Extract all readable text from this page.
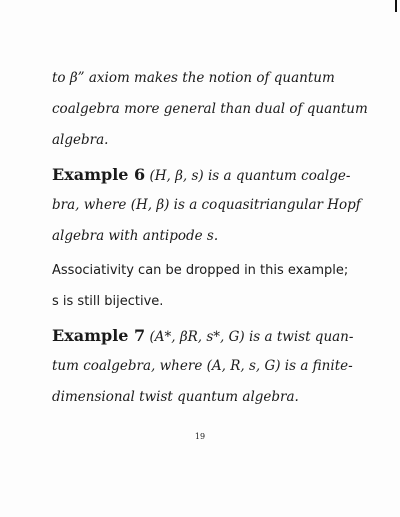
to β” axiom makes the notion of quantum
coalgebra more general than dual of quantum
algebra.
Example 6 (H, β, s) is a quantum coalge-
bra, where (H, β) is a coquasitriangular Hopf
algebra with antipode s.
Associativity can be dropped in this example;
s is still bijective.
Example 7 (A*, βR, s*, G) is a twist quan-
tum coalgebra, where (A, R, s, G) is a finite-
dimensional twist quantum algebra.
19
